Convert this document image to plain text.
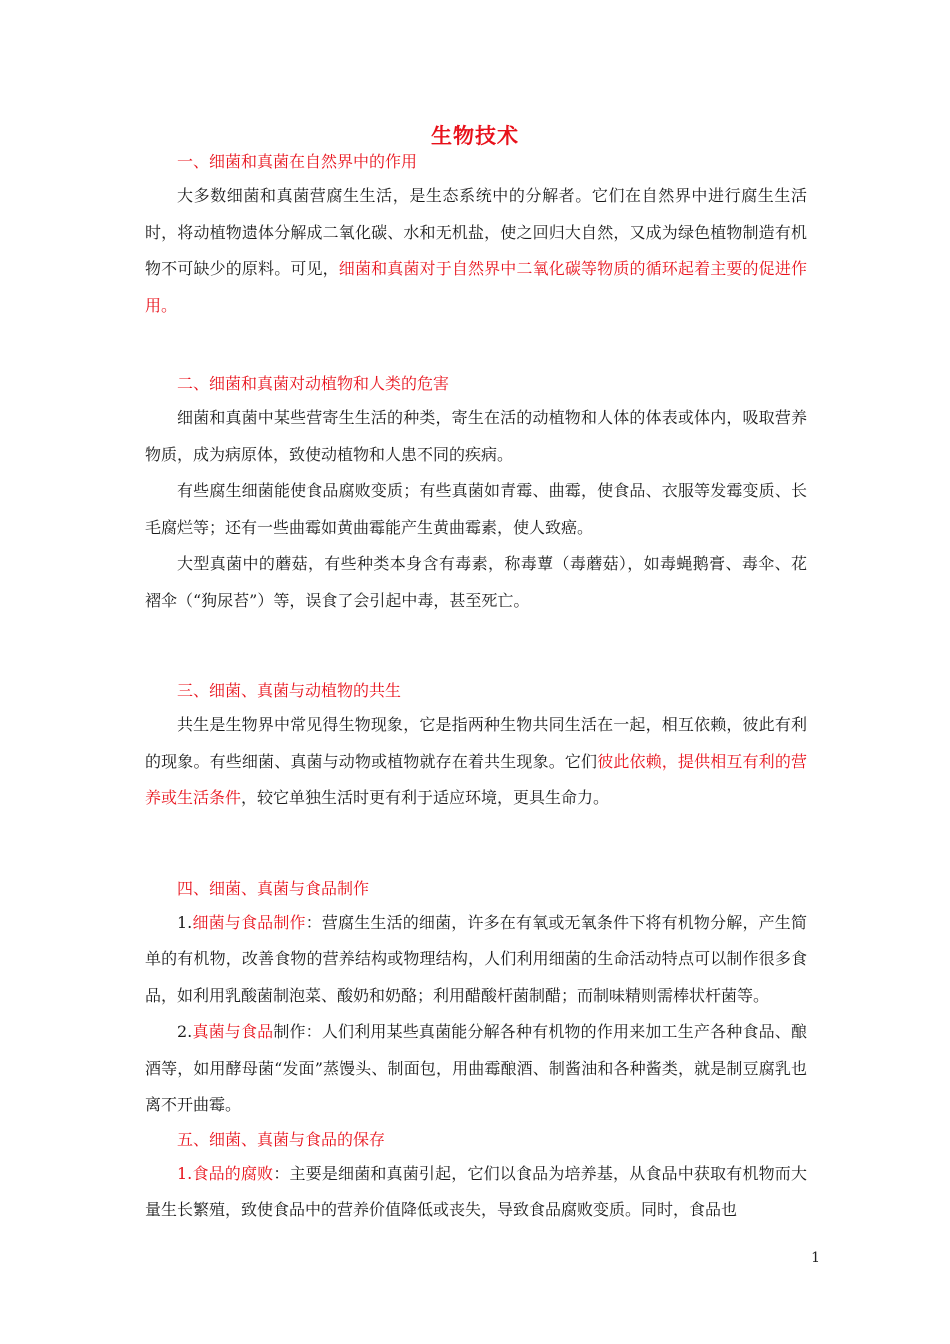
生物技术
一、细菌和真菌在自然界中的作用

大多数细菌和真菌营腐生生活，是生态系统中的分解者。它们在自然界中进行腐生生活时，将动植物遗体分解成二氧化碳、水和无机盐，使之回归大自然，又成为绿色植物制造有机物不可缺少的原料。可见，细菌和真菌对于自然界中二氧化碳等物质的循环起着主要的促进作用。

二、细菌和真菌对动植物和人类的危害

细菌和真菌中某些营寄生生活的种类，寄生在活的动植物和人体的体表或体内，吸取营养物质，成为病原体，致使动植物和人患不同的疾病。

有些腐生细菌能使食品腐败变质；有些真菌如青霉、曲霉，使食品、衣服等发霉变质、长毛腐烂等；还有一些曲霉如黄曲霉能产生黄曲霉素，使人致癌。

大型真菌中的蘑菇，有些种类本身含有毒素，称毒蕈（毒蘑菇），如毒蝇鹅膏、毒伞、花褶伞（“狗尿苔”）等，误食了会引起中毒，甚至死亡。

三、细菌、真菌与动植物的共生

共生是生物界中常见得生物现象，它是指两种生物共同生活在一起，相互依赖，彼此有利的现象。有些细菌、真菌与动物或植物就存在着共生现象。它们彼此依赖，提供相互有利的营养或生活条件，较它单独生活时更有利于适应环境，更具生命力。

四、细菌、真菌与食品制作

1.细菌与食品制作：营腐生生活的细菌，许多在有氧或无氧条件下将有机物分解，产生简单的有机物，改善食物的营养结构或物理结构，人们利用细菌的生命活动特点可以制作很多食品，如利用乳酸菌制泡菜、酸奶和奶酪；利用醋酸杆菌制醋；而制味精则需棒状杆菌等。

2.真菌与食品制作：人们利用某些真菌能分解各种有机物的作用来加工生产各种食品、酿酒等，如用酵母菌“发面”蒸馒头、制面包，用曲霉酿酒、制酱油和各种酱类，就是制豆腐乳也离不开曲霉。

五、细菌、真菌与食品的保存

1.食品的腐败：主要是细菌和真菌引起，它们以食品为培养基，从食品中获取有机物而大量生长繁殖，致使食品中的营养价值降低或丧失，导致食品腐败变质。同时，食品也

1
